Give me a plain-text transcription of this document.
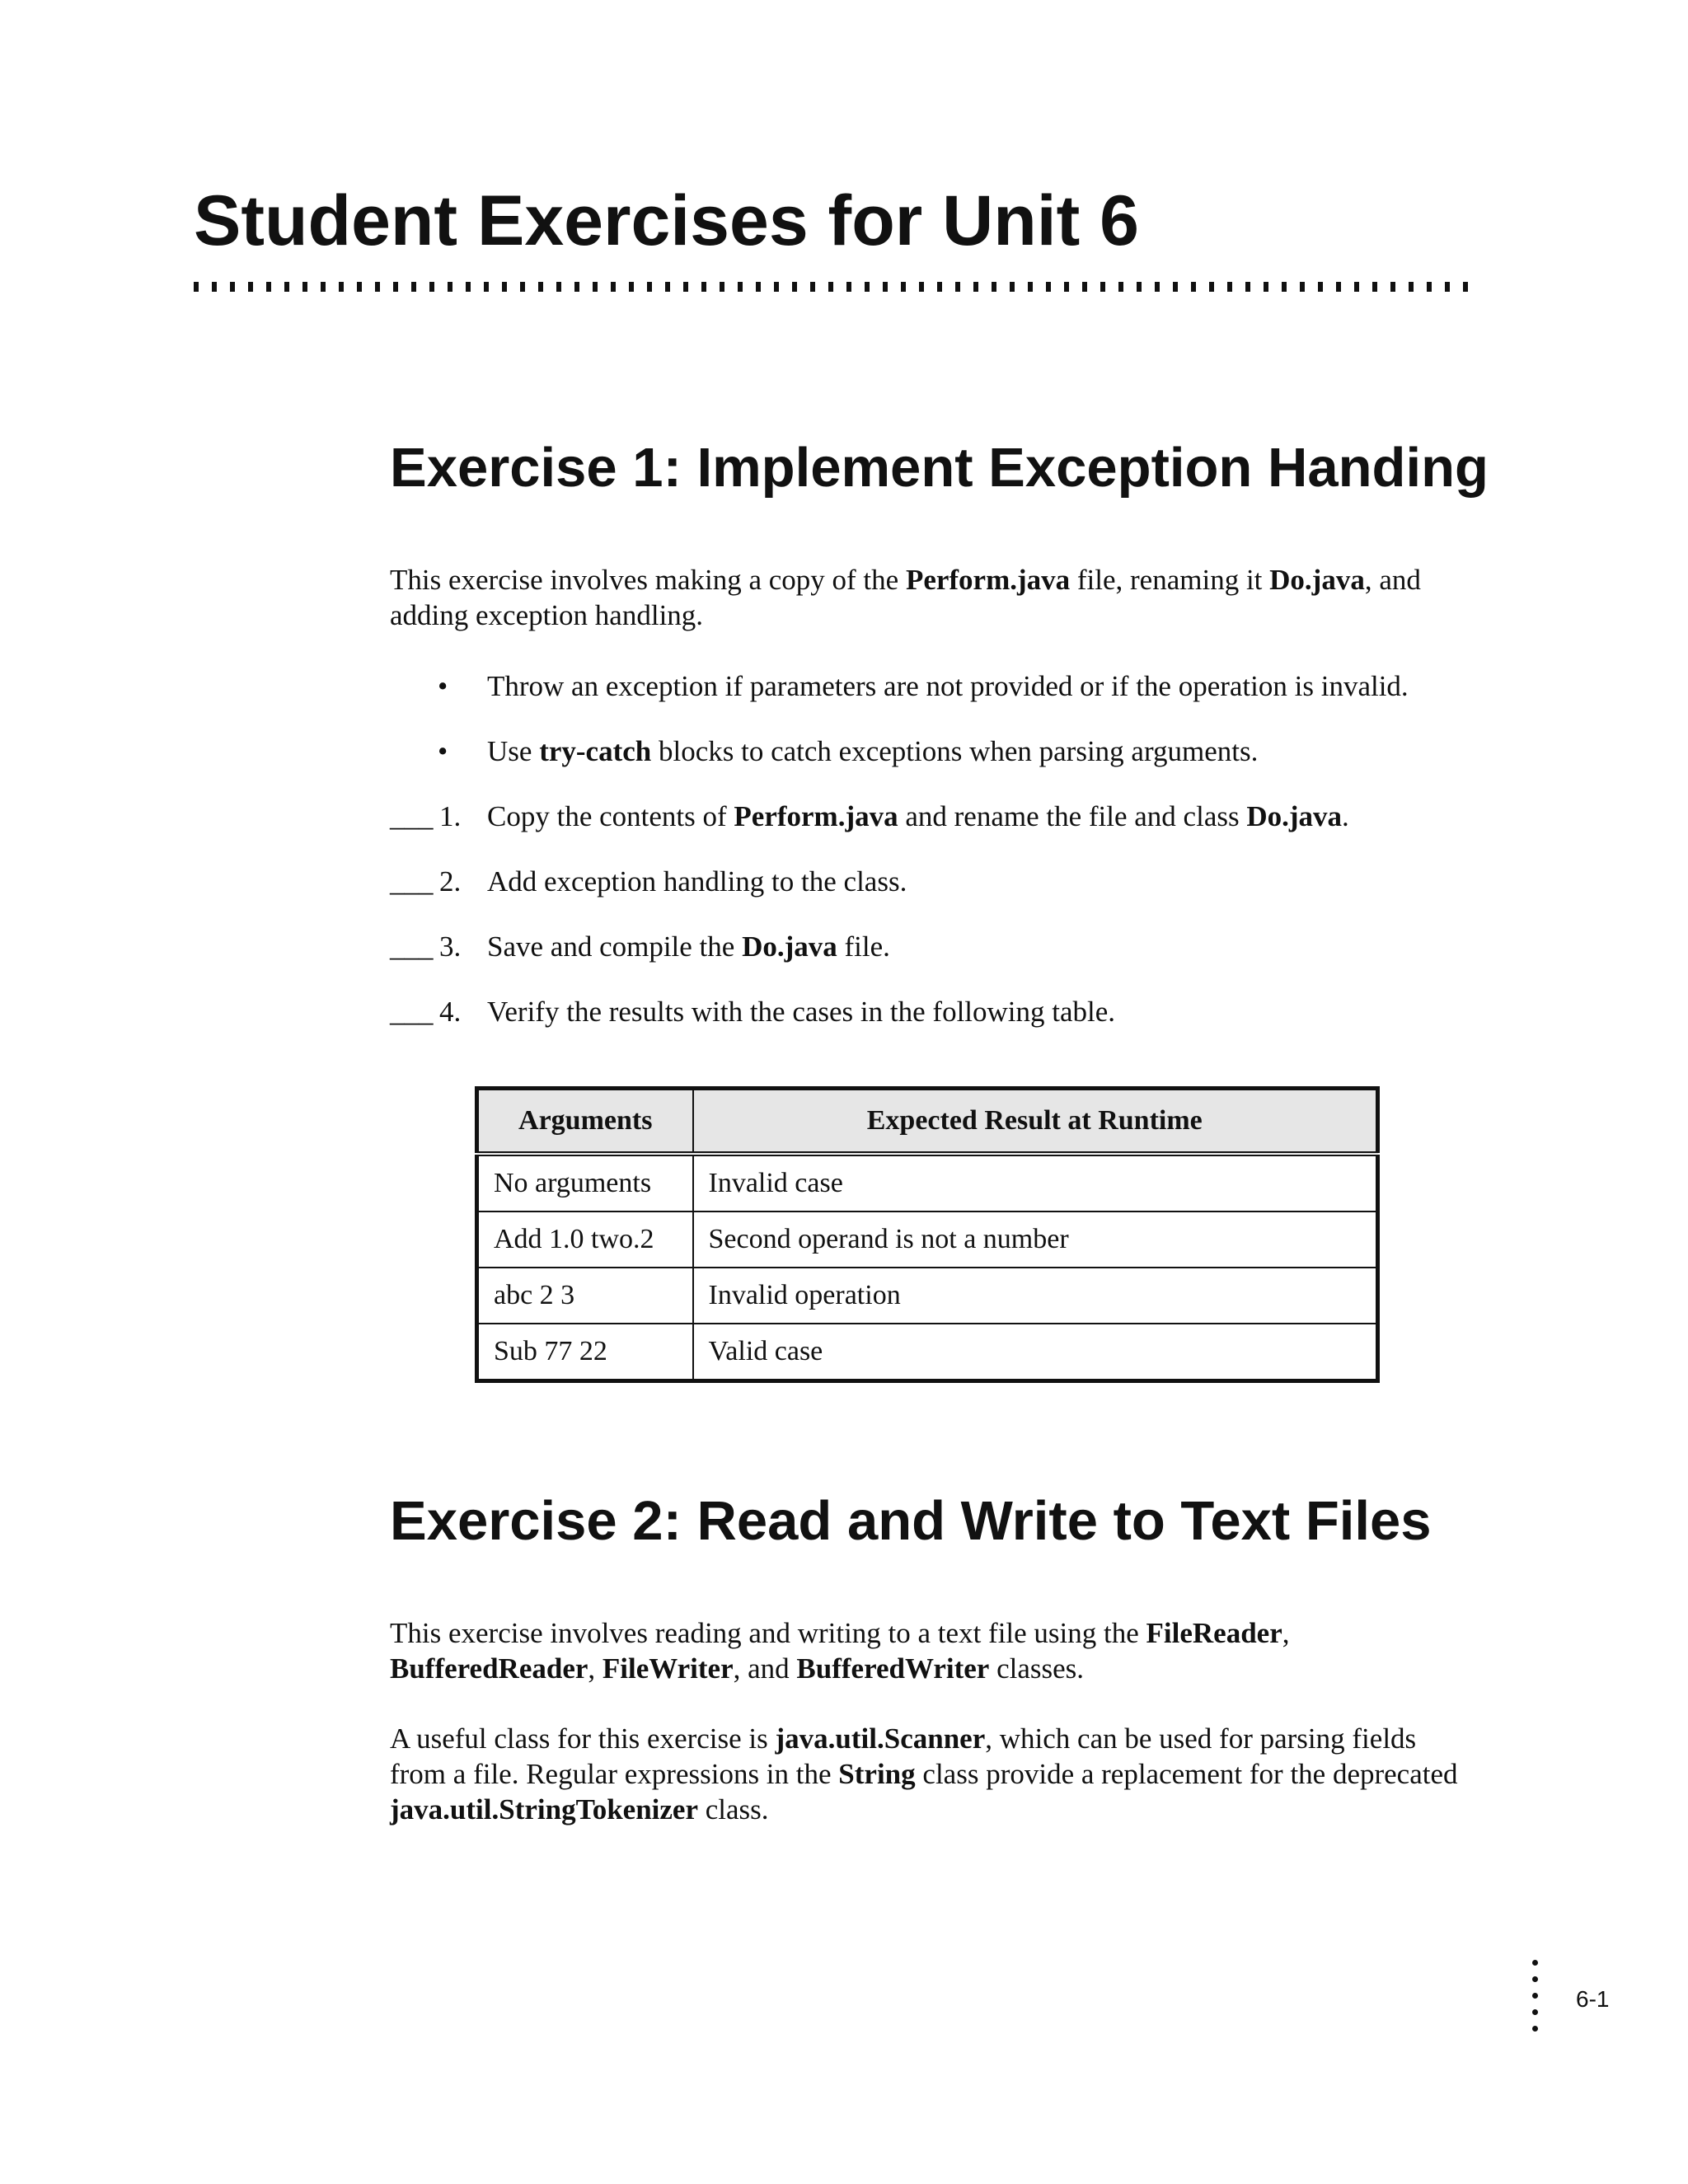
Student Exercises for Unit 6
Exercise 1: Implement Exception Handing

This exercise involves making a copy of the Perform.java file, renaming it Do.java, and adding exception handling.

• Throw an exception if parameters are not provided or if the operation is invalid.
• Use try-catch blocks to catch exceptions when parsing arguments.
___ 1. Copy the contents of Perform.java and rename the file and class Do.java.
___ 2. Add exception handling to the class.
___ 3. Save and compile the Do.java file.
___ 4. Verify the results with the cases in the following table.
Arguments	Expected Result at Runtime
No arguments	Invalid case
Add 1.0 two.2	Second operand is not a number
abc 2 3	Invalid operation
Sub 77 22	Valid case
Exercise 2: Read and Write to Text Files

This exercise involves reading and writing to a text file using the FileReader, BufferedReader, FileWriter, and BufferedWriter classes.

A useful class for this exercise is java.util.Scanner, which can be used for parsing fields from a file. Regular expressions in the String class provide a replacement for the deprecated java.util.StringTokenizer class.

6-1
